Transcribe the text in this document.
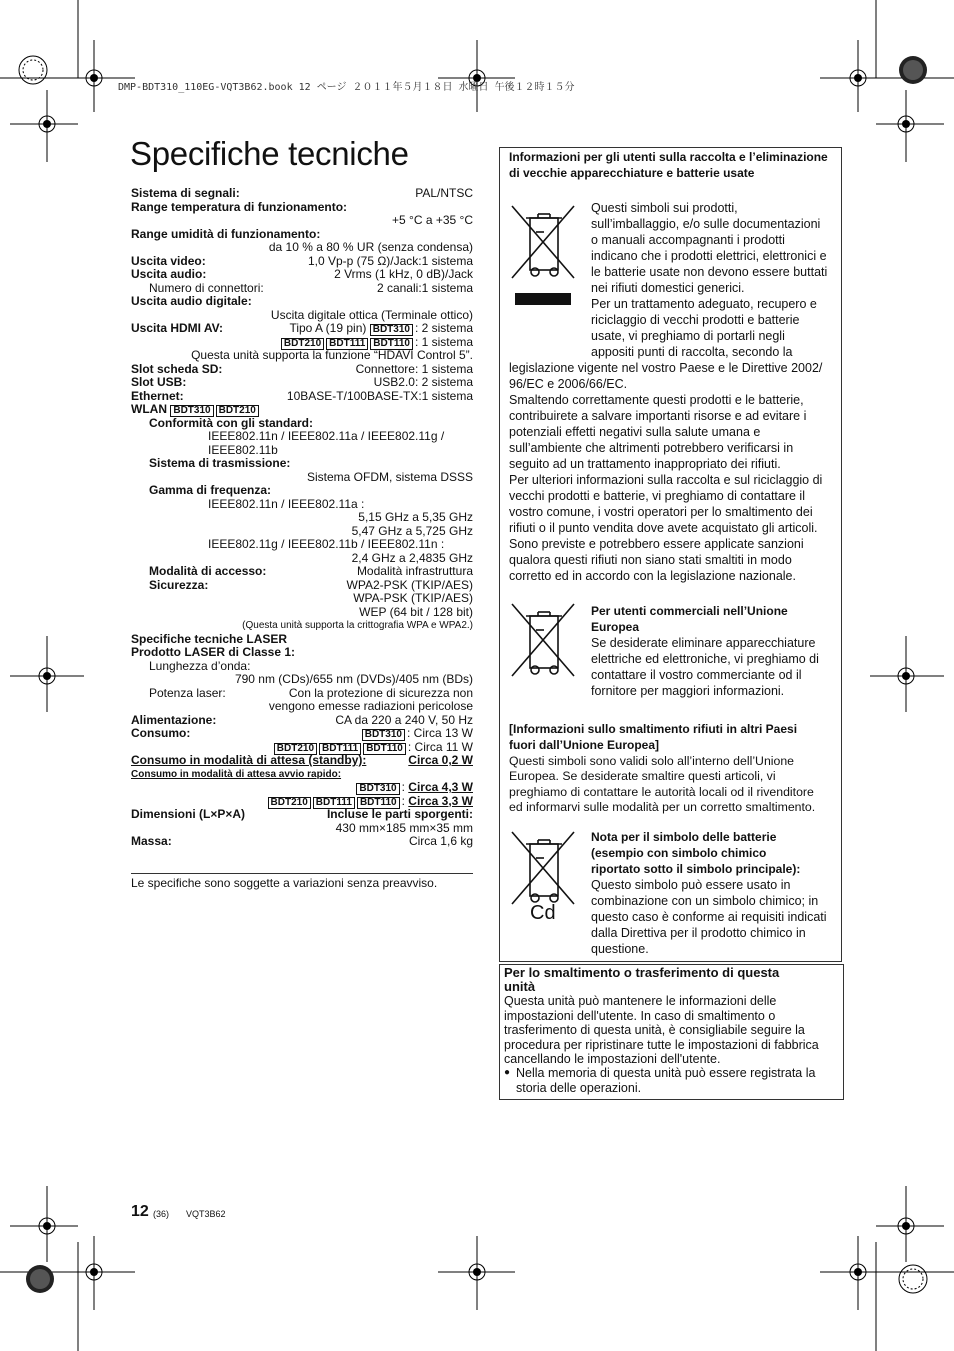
DMP-BDT310_110EG-VQT3B62.book 12 ページ ２０１１年５月１８日 水曜日 午後１２時１５分
Specifiche tecniche
Sistema di segnali:	PAL/NTSC
Range temperatura di funzionamento:
+5 °C a +35 °C
Range umidità di funzionamento:
da 10 % a 80 % UR (senza condensa)
Uscita video:	1,0 Vp-p (75 Ω)/Jack:1 sistema
Uscita audio:	2 Vrms (1 kHz, 0 dB)/Jack
Numero di connettori:	2 canali:1 sistema
Uscita audio digitale:
Uscita digitale ottica (Terminale ottico)
Uscita HDMI AV:	Tipo A (19 pin) BDT310 : 2 sistema
BDT210 BDT111 BDT110 : 1 sistema
Questa unità supporta la funzione “HDAVI Control 5”.
Slot scheda SD:	Connettore: 1 sistema
Slot USB:	USB2.0: 2 sistema
Ethernet:	10BASE-T/100BASE-TX:1 sistema
WLAN BDT310 BDT210
Conformità con gli standard:
IEEE802.11n / IEEE802.11a / IEEE802.11g /
IEEE802.11b
Sistema di trasmissione:
Sistema OFDM, sistema DSSS
Gamma di frequenza:
IEEE802.11n / IEEE802.11a :
5,15 GHz a 5,35 GHz
5,47 GHz a 5,725 GHz
IEEE802.11g / IEEE802.11b / IEEE802.11n :
2,4 GHz a 2,4835 GHz
Modalità di accesso:	Modalità infrastruttura
Sicurezza:	WPA2-PSK (TKIP/AES)
WPA-PSK (TKIP/AES)
WEP (64 bit / 128 bit)
(Questa unità supporta la crittografia WPA e WPA2.)
Specifiche tecniche LASER
Prodotto LASER di Classe 1:
Lunghezza d’onda:
790 nm (CDs)/655 nm (DVDs)/405 nm (BDs)
Potenza laser:	Con la protezione di sicurezza non
vengono emesse radiazioni pericolose
Alimentazione:	CA da 220 a 240 V, 50 Hz
Consumo:	BDT310 : Circa 13 W
BDT210 BDT111 BDT110 : Circa 11 W
Consumo in modalità di attesa (standby):	Circa 0,2 W
Consumo in modalità di attesa avvio rapido:
BDT310 : Circa 4,3 W
BDT210 BDT111 BDT110 : Circa 3,3 W
Dimensioni (L×P×A)	Incluse le parti sporgenti:
430 mm×185 mm×35 mm
Massa:	Circa 1,6 kg
Le specifiche sono soggette a variazioni senza preavviso.
Informazioni per gli utenti sulla raccolta e l’eliminazione di vecchie apparecchiature e batterie usate
Questi simboli sui prodotti,
sull’imballaggio, e/o sulle documentazioni
o manuali accompagnanti i prodotti
indicano che i prodotti elettrici, elettronici e
le batterie usate non devono essere buttati
nei rifiuti domestici generici.
Per un trattamento adeguato, recupero e
riciclaggio di vecchi prodotti e batterie
usate, vi preghiamo di portarli negli
appositi punti di raccolta, secondo la
legislazione vigente nel vostro Paese e le Direttive 2002/
96/EC e 2006/66/EC.
Smaltendo correttamente questi prodotti e le batterie,
contribuirete a salvare importanti risorse e ad evitare i
potenziali effetti negativi sulla salute umana e
sull’ambiente che altrimenti potrebbero verificarsi in
seguito ad un trattamento inappropriato dei rifiuti.
Per ulteriori informazioni sulla raccolta e sul riciclaggio di
vecchi prodotti e batterie, vi preghiamo di contattare il
vostro comune, i vostri operatori per lo smaltimento dei
rifiuti o il punto vendita dove avete acquistato gli articoli.
Sono previste e potrebbero essere applicate sanzioni
qualora questi rifiuti non siano stati smaltiti in modo
corretto ed in accordo con la legislazione nazionale.
Per utenti commerciali nell’Unione
Europea
Se desiderate eliminare apparecchiature
elettriche ed elettroniche, vi preghiamo di
contattare il vostro commerciante od il
fornitore per maggiori informazioni.
[Informazioni sullo smaltimento rifiuti in altri Paesi
fuori dall’Unione Europea]
Questi simboli sono validi solo all’interno dell’Unione
Europea. Se desiderate smaltire questi articoli, vi
preghiamo di contattare le autorità locali od il rivenditore
ed informarvi sulle modalità per un corretto smaltimento.
Cd
Nota per il simbolo delle batterie
(esempio con simbolo chimico
riportato sotto il simbolo principale):
Questo simbolo può essere usato in
combinazione con un simbolo chimico; in
questo caso è conforme ai requisiti indicati
dalla Direttiva per il prodotto chimico in
questione.
Per lo smaltimento o trasferimento di questa
unità
Questa unità può mantenere le informazioni delle
impostazioni dell'utente. In caso di smaltimento o
trasferimento di questa unità, è consigliabile seguire la
procedura per ripristinare tutte le impostazioni di fabbrica
cancellando le impostazioni dell'utente.
● Nella memoria di questa unità può essere registrata la
storia delle operazioni.
12 (36) VQT3B62
